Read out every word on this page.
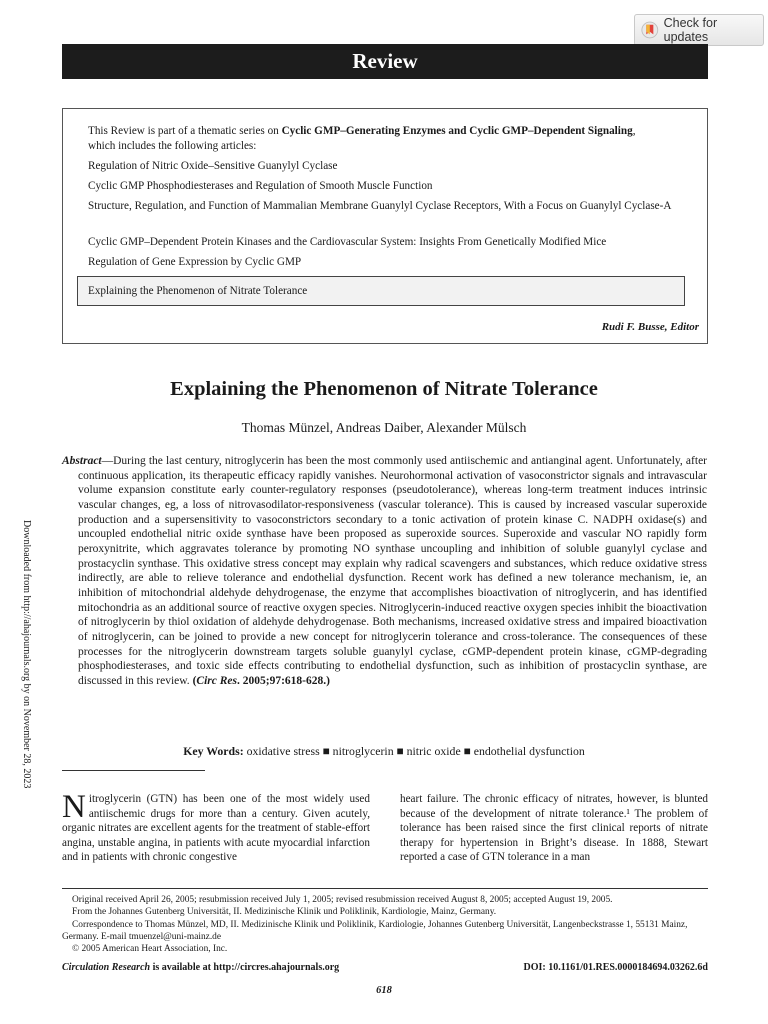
Check for updates
Review
This Review is part of a thematic series on Cyclic GMP–Generating Enzymes and Cyclic GMP–Dependent Signaling, which includes the following articles:
Regulation of Nitric Oxide–Sensitive Guanylyl Cyclase
Cyclic GMP Phosphodiesterases and Regulation of Smooth Muscle Function
Structure, Regulation, and Function of Mammalian Membrane Guanylyl Cyclase Receptors, With a Focus on Guanylyl Cyclase-A
Cyclic GMP–Dependent Protein Kinases and the Cardiovascular System: Insights From Genetically Modified Mice
Regulation of Gene Expression by Cyclic GMP
Explaining the Phenomenon of Nitrate Tolerance
Rudi F. Busse, Editor
Explaining the Phenomenon of Nitrate Tolerance
Thomas Münzel, Andreas Daiber, Alexander Mülsch

Abstract—During the last century, nitroglycerin has been the most commonly used antiischemic and antianginal agent. Unfortunately, after continuous application, its therapeutic efficacy rapidly vanishes. Neurohormonal activation of vasoconstrictor signals and intravascular volume expansion constitute early counter-regulatory responses (pseudotolerance), whereas long-term treatment induces intrinsic vascular changes, eg, a loss of nitrovasodilator-responsiveness (vascular tolerance). This is caused by increased vascular superoxide production and a supersensitivity to vasoconstrictors secondary to a tonic activation of protein kinase C. NADPH oxidase(s) and uncoupled endothelial nitric oxide synthase have been proposed as superoxide sources. Superoxide and vascular NO rapidly form peroxynitrite, which aggravates tolerance by promoting NO synthase uncoupling and inhibition of soluble guanylyl cyclase and prostacyclin synthase. This oxidative stress concept may explain why radical scavengers and substances, which reduce oxidative stress indirectly, are able to relieve tolerance and endothelial dysfunction. Recent work has defined a new tolerance mechanism, ie, an inhibition of mitochondrial aldehyde dehydrogenase, the enzyme that accomplishes bioactivation of nitroglycerin, and has identified mitochondria as an additional source of reactive oxygen species. Nitroglycerin-induced reactive oxygen species inhibit the bioactivation of nitroglycerin by thiol oxidation of aldehyde dehydrogenase. Both mechanisms, increased oxidative stress and impaired bioactivation of nitroglycerin, can be joined to provide a new concept for nitroglycerin tolerance and cross-tolerance. The consequences of these processes for the nitroglycerin downstream targets soluble guanylyl cyclase, cGMP-dependent protein kinase, cGMP-degrading phosphodiesterases, and toxic side effects contributing to endothelial dysfunction, such as inhibition of prostacyclin synthase, are discussed in this review. (Circ Res. 2005;97:618-628.)

Key Words: oxidative stress ■ nitroglycerin ■ nitric oxide ■ endothelial dysfunction

Nitroglycerin (GTN) has been one of the most widely used antiischemic drugs for more than a century. Given acutely, organic nitrates are excellent agents for the treatment of stable-effort angina, unstable angina, in patients with acute myocardial infarction and in patients with chronic congestive

heart failure. The chronic efficacy of nitrates, however, is blunted because of the development of nitrate tolerance.¹ The problem of tolerance has been raised since the first clinical reports of nitrate therapy for hypertension in Bright’s disease. In 1888, Stewart reported a case of GTN tolerance in a man

Original received April 26, 2005; resubmission received July 1, 2005; revised resubmission received August 8, 2005; accepted August 19, 2005.

From the Johannes Gutenberg Universität, II. Medizinische Klinik und Poliklinik, Kardiologie, Mainz, Germany.

Correspondence to Thomas Münzel, MD, II. Medizinische Klinik und Poliklinik, Kardiologie, Johannes Gutenberg Universität, Langenbeckstrasse 1, 55131 Mainz, Germany. E-mail tmuenzel@uni-mainz.de

© 2005 American Heart Association, Inc.

Circulation Research is available at http://circres.ahajournals.org	DOI: 10.1161/01.RES.0000184694.03262.6d
618
Downloaded from http://ahajournals.org by on November 28, 2023
